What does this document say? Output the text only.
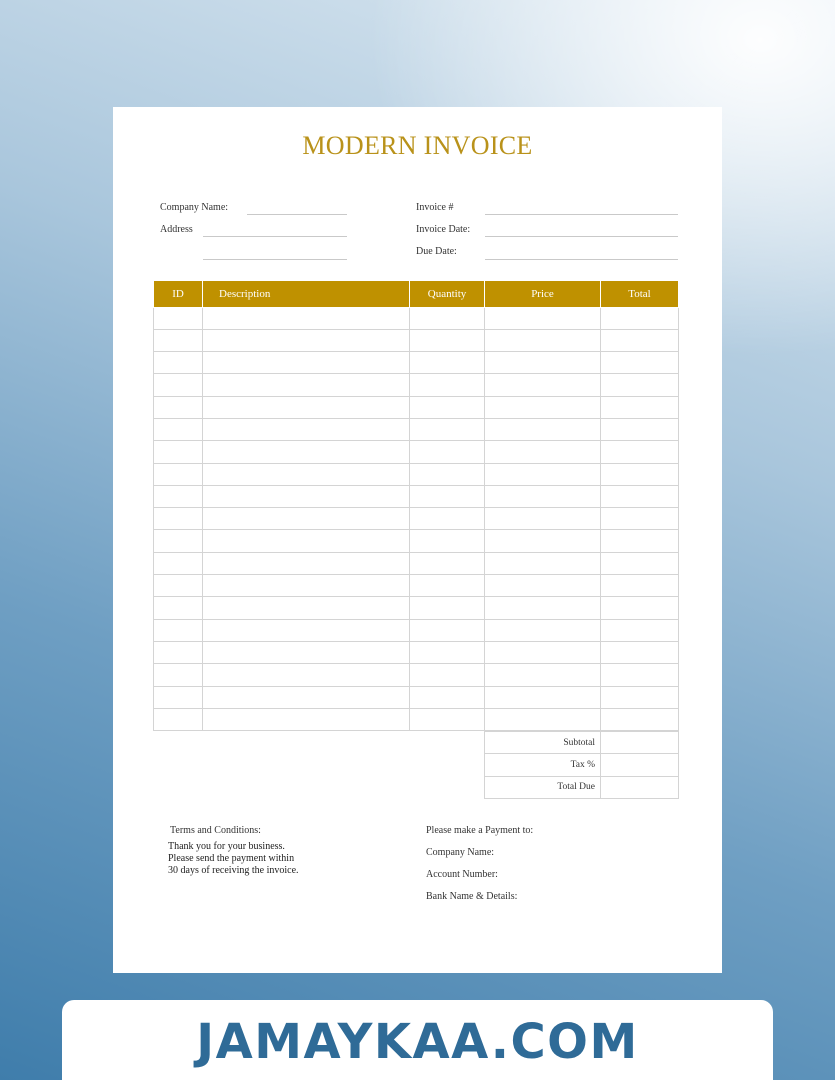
MODERN INVOICE
Company Name:
Address
Invoice #
Invoice Date:
Due Date:
ID	Description	Quantity	Price	Total

Subtotal	
Tax %	
Total Due	
Terms and Conditions:
Thank you for your business.
Please send the payment within
30 days of receiving the invoice.
Please make a Payment to:
Company Name:
Account Number:
Bank Name & Details:
JAMAYKAA.COM
